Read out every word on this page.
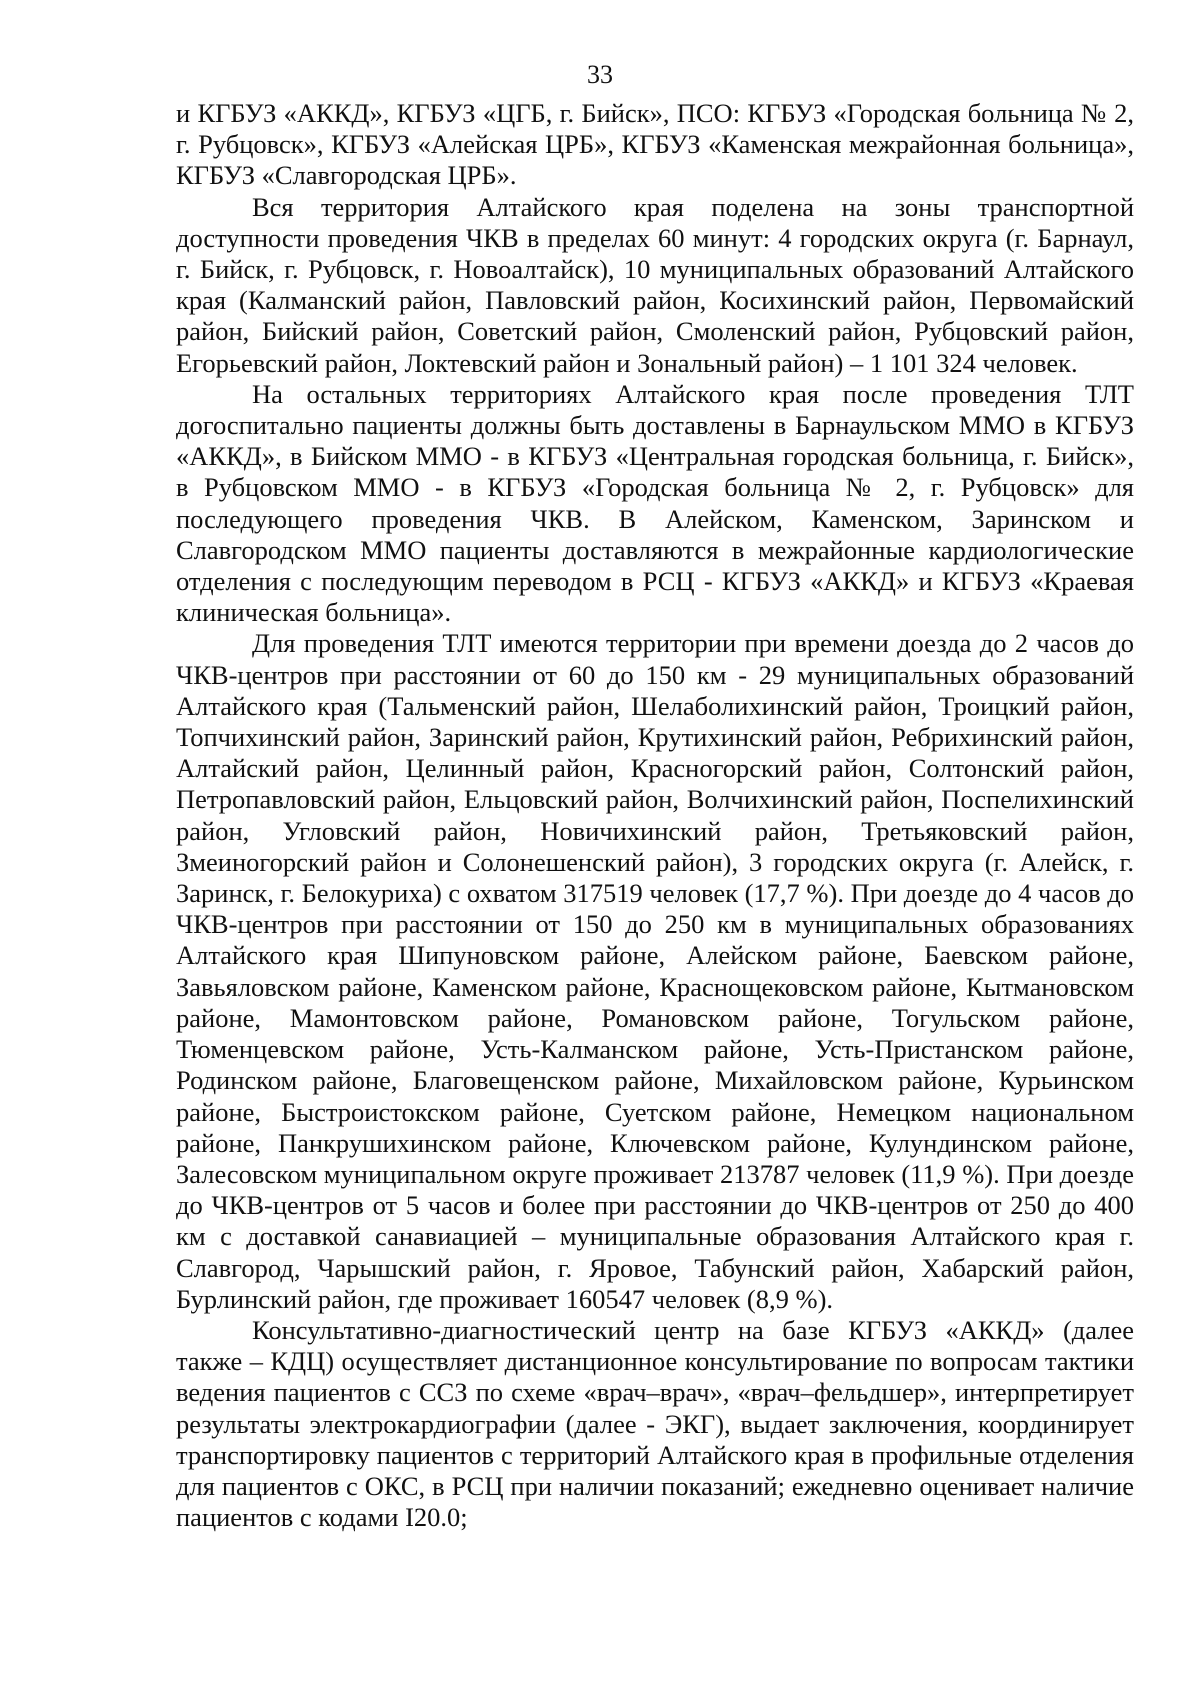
33

и КГБУЗ «АККД», КГБУЗ «ЦГБ, г. Бийск», ПСО: КГБУЗ «Городская больница № 2, г. Рубцовск», КГБУЗ «Алейская ЦРБ», КГБУЗ «Каменская межрайонная больница», КГБУЗ «Славгородская ЦРБ».

Вся территория Алтайского края поделена на зоны транспортной доступности проведения ЧКВ в пределах 60 минут: 4 городских округа (г. Барнаул, г. Бийск, г. Рубцовск, г. Новоалтайск), 10 муниципальных образований Алтайского края (Калманский район, Павловский район, Косихинский район, Первомайский район, Бийский район, Советский район, Смоленский район, Рубцовский район, Егорьевский район, Локтевский район и Зональный район) – 1 101 324 человек.

На остальных территориях Алтайского края после проведения ТЛТ догоспитально пациенты должны быть доставлены в Барнаульском ММО в КГБУЗ «АККД», в Бийском ММО - в КГБУЗ «Центральная городская больница, г. Бийск», в Рубцовском ММО - в КГБУЗ «Городская больница № 2, г. Рубцовск» для последующего проведения ЧКВ. В Алейском, Каменском, Заринском и Славгородском ММО пациенты доставляются в межрайонные кардиологические отделения с последующим переводом в РСЦ - КГБУЗ «АККД» и КГБУЗ «Краевая клиническая больница».

Для проведения ТЛТ имеются территории при времени доезда до 2 часов до ЧКВ-центров при расстоянии от 60 до 150 км - 29 муниципальных образований Алтайского края (Тальменский район, Шелаболихинский район, Троицкий район, Топчихинский район, Заринский район, Крутихинский район, Ребрихинский район, Алтайский район, Целинный район, Красногорский район, Солтонский район, Петропавловский район, Ельцовский район, Волчихинский район, Поспелихинский район, Угловский район, Новичихинский район, Третьяковский район, Змеиногорский район и Солонешенский район), 3 городских округа (г. Алейск, г. Заринск, г. Белокуриха) с охватом 317519 человек (17,7 %). При доезде до 4 часов до ЧКВ-центров при расстоянии от 150 до 250 км в муниципальных образованиях Алтайского края Шипуновском районе, Алейском районе, Баевском районе, Завьяловском районе, Каменском районе, Краснощековском районе, Кытмановском районе, Мамонтовском районе, Романовском районе, Тогульском районе, Тюменцевском районе, Усть-Калманском районе, Усть-Пристанском районе, Родинском районе, Благовещенском районе, Михайловском районе, Курьинском районе, Быстроистокском районе, Суетском районе, Немецком национальном районе, Панкрушихинском районе, Ключевском районе, Кулундинском районе, Залесовском муниципальном округе проживает 213787 человек (11,9 %). При доезде до ЧКВ-центров от 5 часов и более при расстоянии до ЧКВ-центров от 250 до 400 км с доставкой санавиацией – муниципальные образования Алтайского края г. Славгород, Чарышский район, г. Яровое, Табунский район, Хабарский район, Бурлинский район, где проживает 160547 человек (8,9 %).

Консультативно-диагностический центр на базе КГБУЗ «АККД» (далее также – КДЦ) осуществляет дистанционное консультирование по вопросам тактики ведения пациентов с ССЗ по схеме «врач–врач», «врач–фельдшер», интерпретирует результаты электрокардиографии (далее - ЭКГ), выдает заключения, координирует транспортировку пациентов с территорий Алтайского края в профильные отделения для пациентов с ОКС, в РСЦ при наличии показаний; ежедневно оценивает наличие пациентов с кодами I20.0;
